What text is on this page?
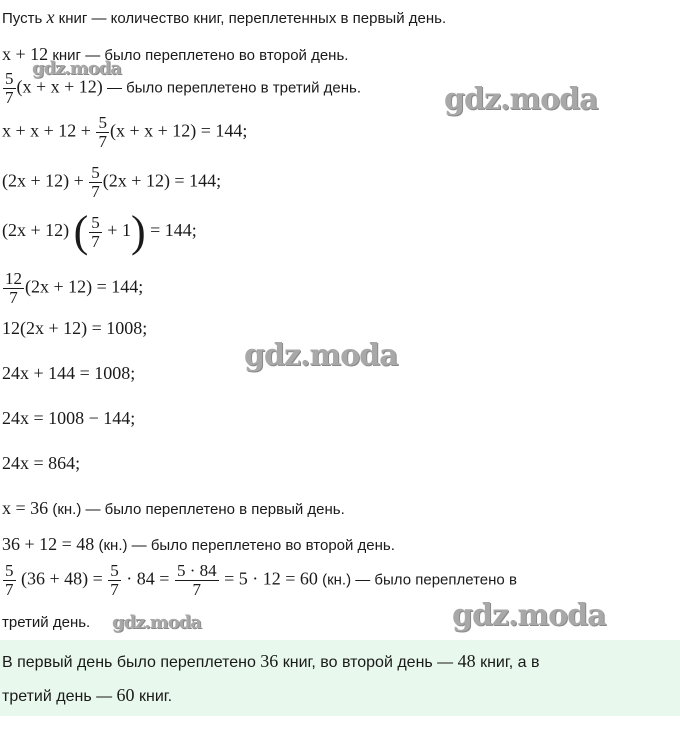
Пусть x книг — количество книг, переплетенных в первый день.
x + 12 книг — было переплетено во второй день.
$\frac{5}{7} (x + x + 12)$ — было переплетено в третий день.
$x + x + 12 + \frac{5}{7} (x + x + 12) = 144$;
$(2x + 12) + \frac{5}{7} (2x + 12) = 144$;
(2x + 12) ( $\frac{5}{7} + 1) = 144$;
$\frac{12}{7} (2x + 12) = 144$;
12(2x + 12) = 1008;
24x + 144 = 1008;
24x = 1008 − 144;
24x = 864;
x = 36 (кн.) — было переплетено в первый день.
36 + 12 = 48 (кн.) — было переплетено во второй день.
$\frac{5}{7} (36 + 48) = \frac{5}{7} \cdot 84 = \frac{5 \cdot 84}{7} = 5 \cdot 12 = 60$ (кн.) — было переплетено в
третий день.
В первый день было переплетено 36 книг, во второй день — 48 книг, а в
третий день — 60 книг.
gdz.moda
gdz.moda
gdz.moda
gdz.moda
gdz.moda
